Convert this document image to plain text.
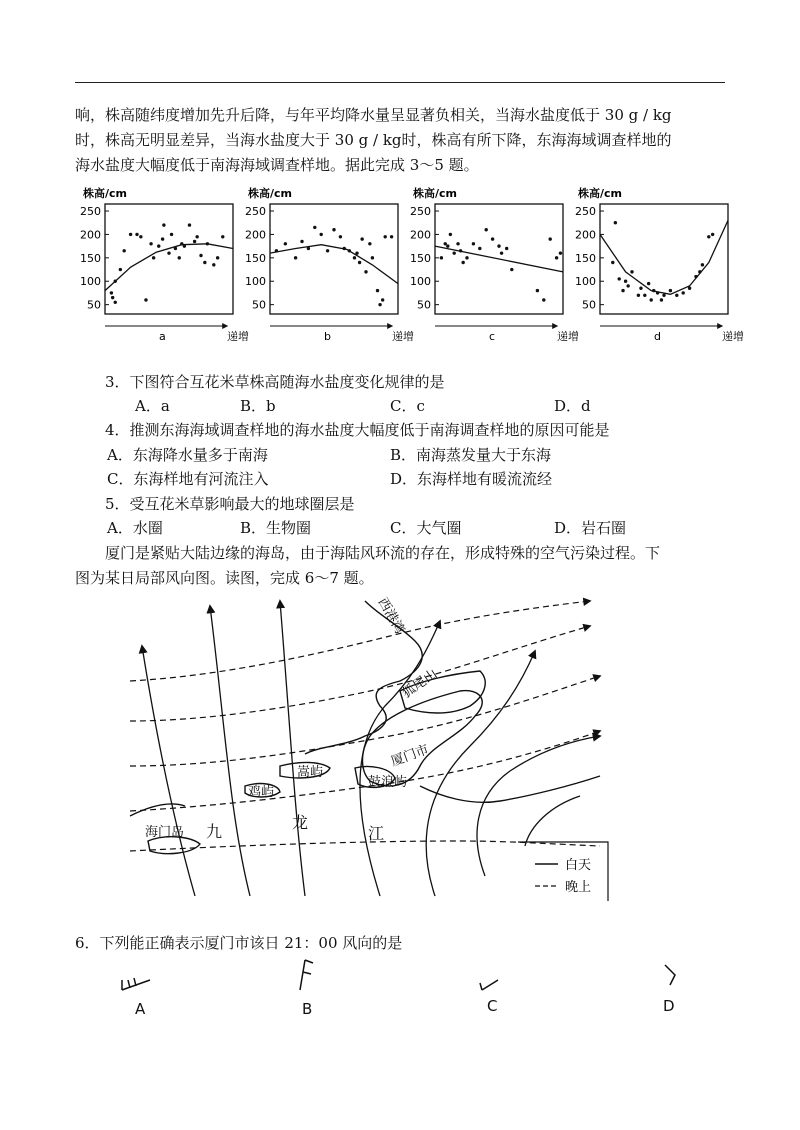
响，株高随纬度增加先升后降，与年平均降水量呈显著负相关，当海水盐度低于 30 g / kg
时，株高无明显差异，当海水盐度大于 30 g / kg时，株高有所下降，东海海域调查样地的
海水盐度大幅度低于南海海域调查样地。据此完成 3～5 题。
株高/cm
50
100
150
200
250
a	递增
株高/cm
50
100
150
200
250
b	递增
株高/cm
50
100
150
200
250
c	递增
株高/cm
50
100
150
200
250
d	递增
3．下图符合互花米草株高随海水盐度变化规律的是
A．a	B．b	C．c	D．d
4．推测东海海域调查样地的海水盐度大幅度低于南海调查样地的原因可能是
A．东海降水量多于南海	B．南海蒸发量大于东海
C．东海样地有河流注入	D．东海样地有暖流流经
5．受互花米草影响最大的地球圈层是
A．水圈	B．生物圈	C．大气圈	D．岩石圈
厦门是紧贴大陆边缘的海岛，由于海陆风环流的存在，形成特殊的空气污染过程。下
图为某日局部风向图。读图，完成 6～7 题。
西港湾
狐尾山
厦门市
嵩屿
鼓浪屿
鸡屿
海门岛 九	龙
江
白天
晚上
6．下列能正确表示厦门市该日 21：00 风向的是
A	B	C	D
